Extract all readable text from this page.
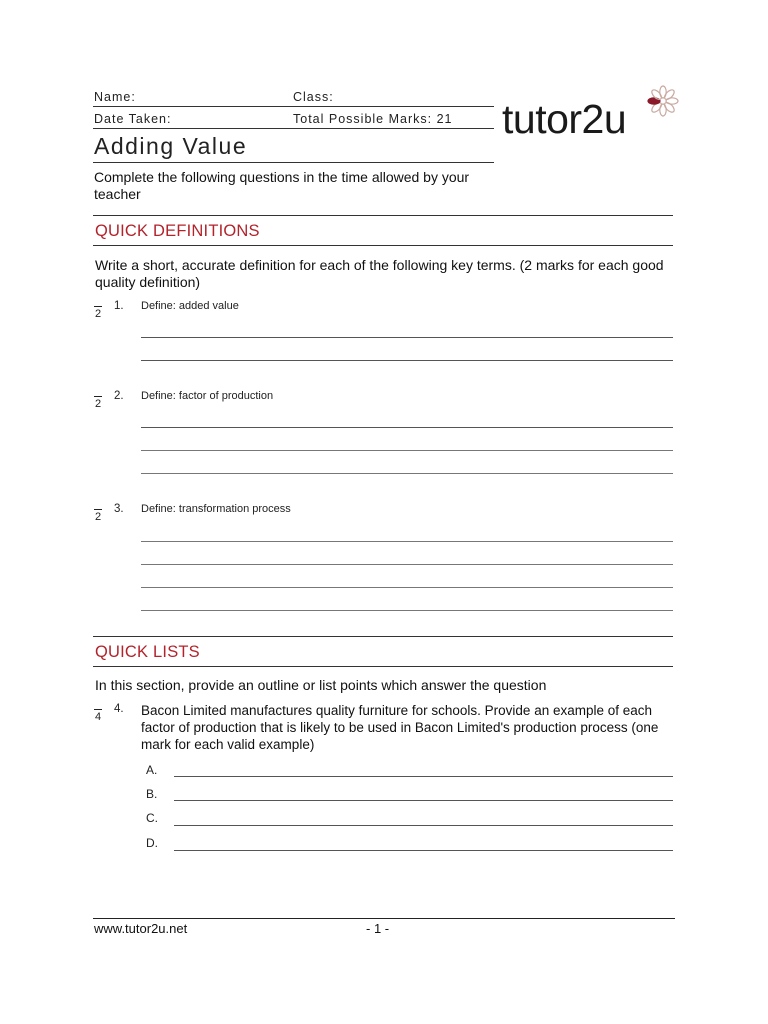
Name:	Class:
Date Taken:	Total Possible Marks: 21
Adding Value
Complete the following questions in the time allowed by your teacher
tutor2u
QUICK DEFINITIONS
Write a short, accurate definition for each of the following key terms. (2 marks for each good quality definition)
2
1. Define: added value
2
2. Define: factor of production
2
3. Define: transformation process
QUICK LISTS
In this section, provide an outline or list points which answer the question
4
4. Bacon Limited manufactures quality furniture for schools. Provide an example of each factor of production that is likely to be used in Bacon Limited's production process (one mark for each valid example)
A.
B.
C.
D.
www.tutor2u.net	- 1 -
